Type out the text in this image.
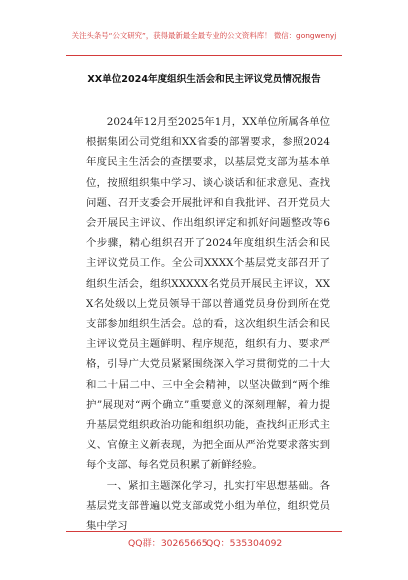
关注头条号“公文研究”，获得最新最全最专业的公文资料库！ 微信：gongwenyj
XX单位2024年度组织生活会和民主评议党员情况报告

2024年12月至2025年1月，XX单位所属各单位根据集团公司党组和XX省委的部署要求，参照2024年度民主生活会的查摆要求，以基层党支部为基本单位，按照组织集中学习、谈心谈话和征求意见、查找问题、召开支委会开展批评和自我批评、召开党员大会开展民主评议、作出组织评定和抓好问题整改等6个步骤，精心组织召开了2024年度组织生活会和民主评议党员工作。全公司XXXX个基层党支部召开了组织生活会，组织XXXXX名党员开展民主评议，XXX名处级以上党员领导干部以普通党员身份到所在党支部参加组织生活会。总的看，这次组织生活会和民主评议党员主题鲜明、程序规范，组织有力、要求严格，引导广大党员紧紧围绕深入学习贯彻党的二十大和二十届二中、三中全会精神，以坚决做到“两个维护”展现对“两个确立”重要意义的深刻理解，着力提升基层党组织政治功能和组织功能，查找纠正形式主义、官僚主义新表现，为把全面从严治党要求落实到每个支部、每名党员积累了新鲜经验。

一、紧扣主题深化学习，扎实打牢思想基础。各基层党支部普遍以党支部或党小组为单位，组织党员集中学习

QQ群：30265665
QQ：535304092
